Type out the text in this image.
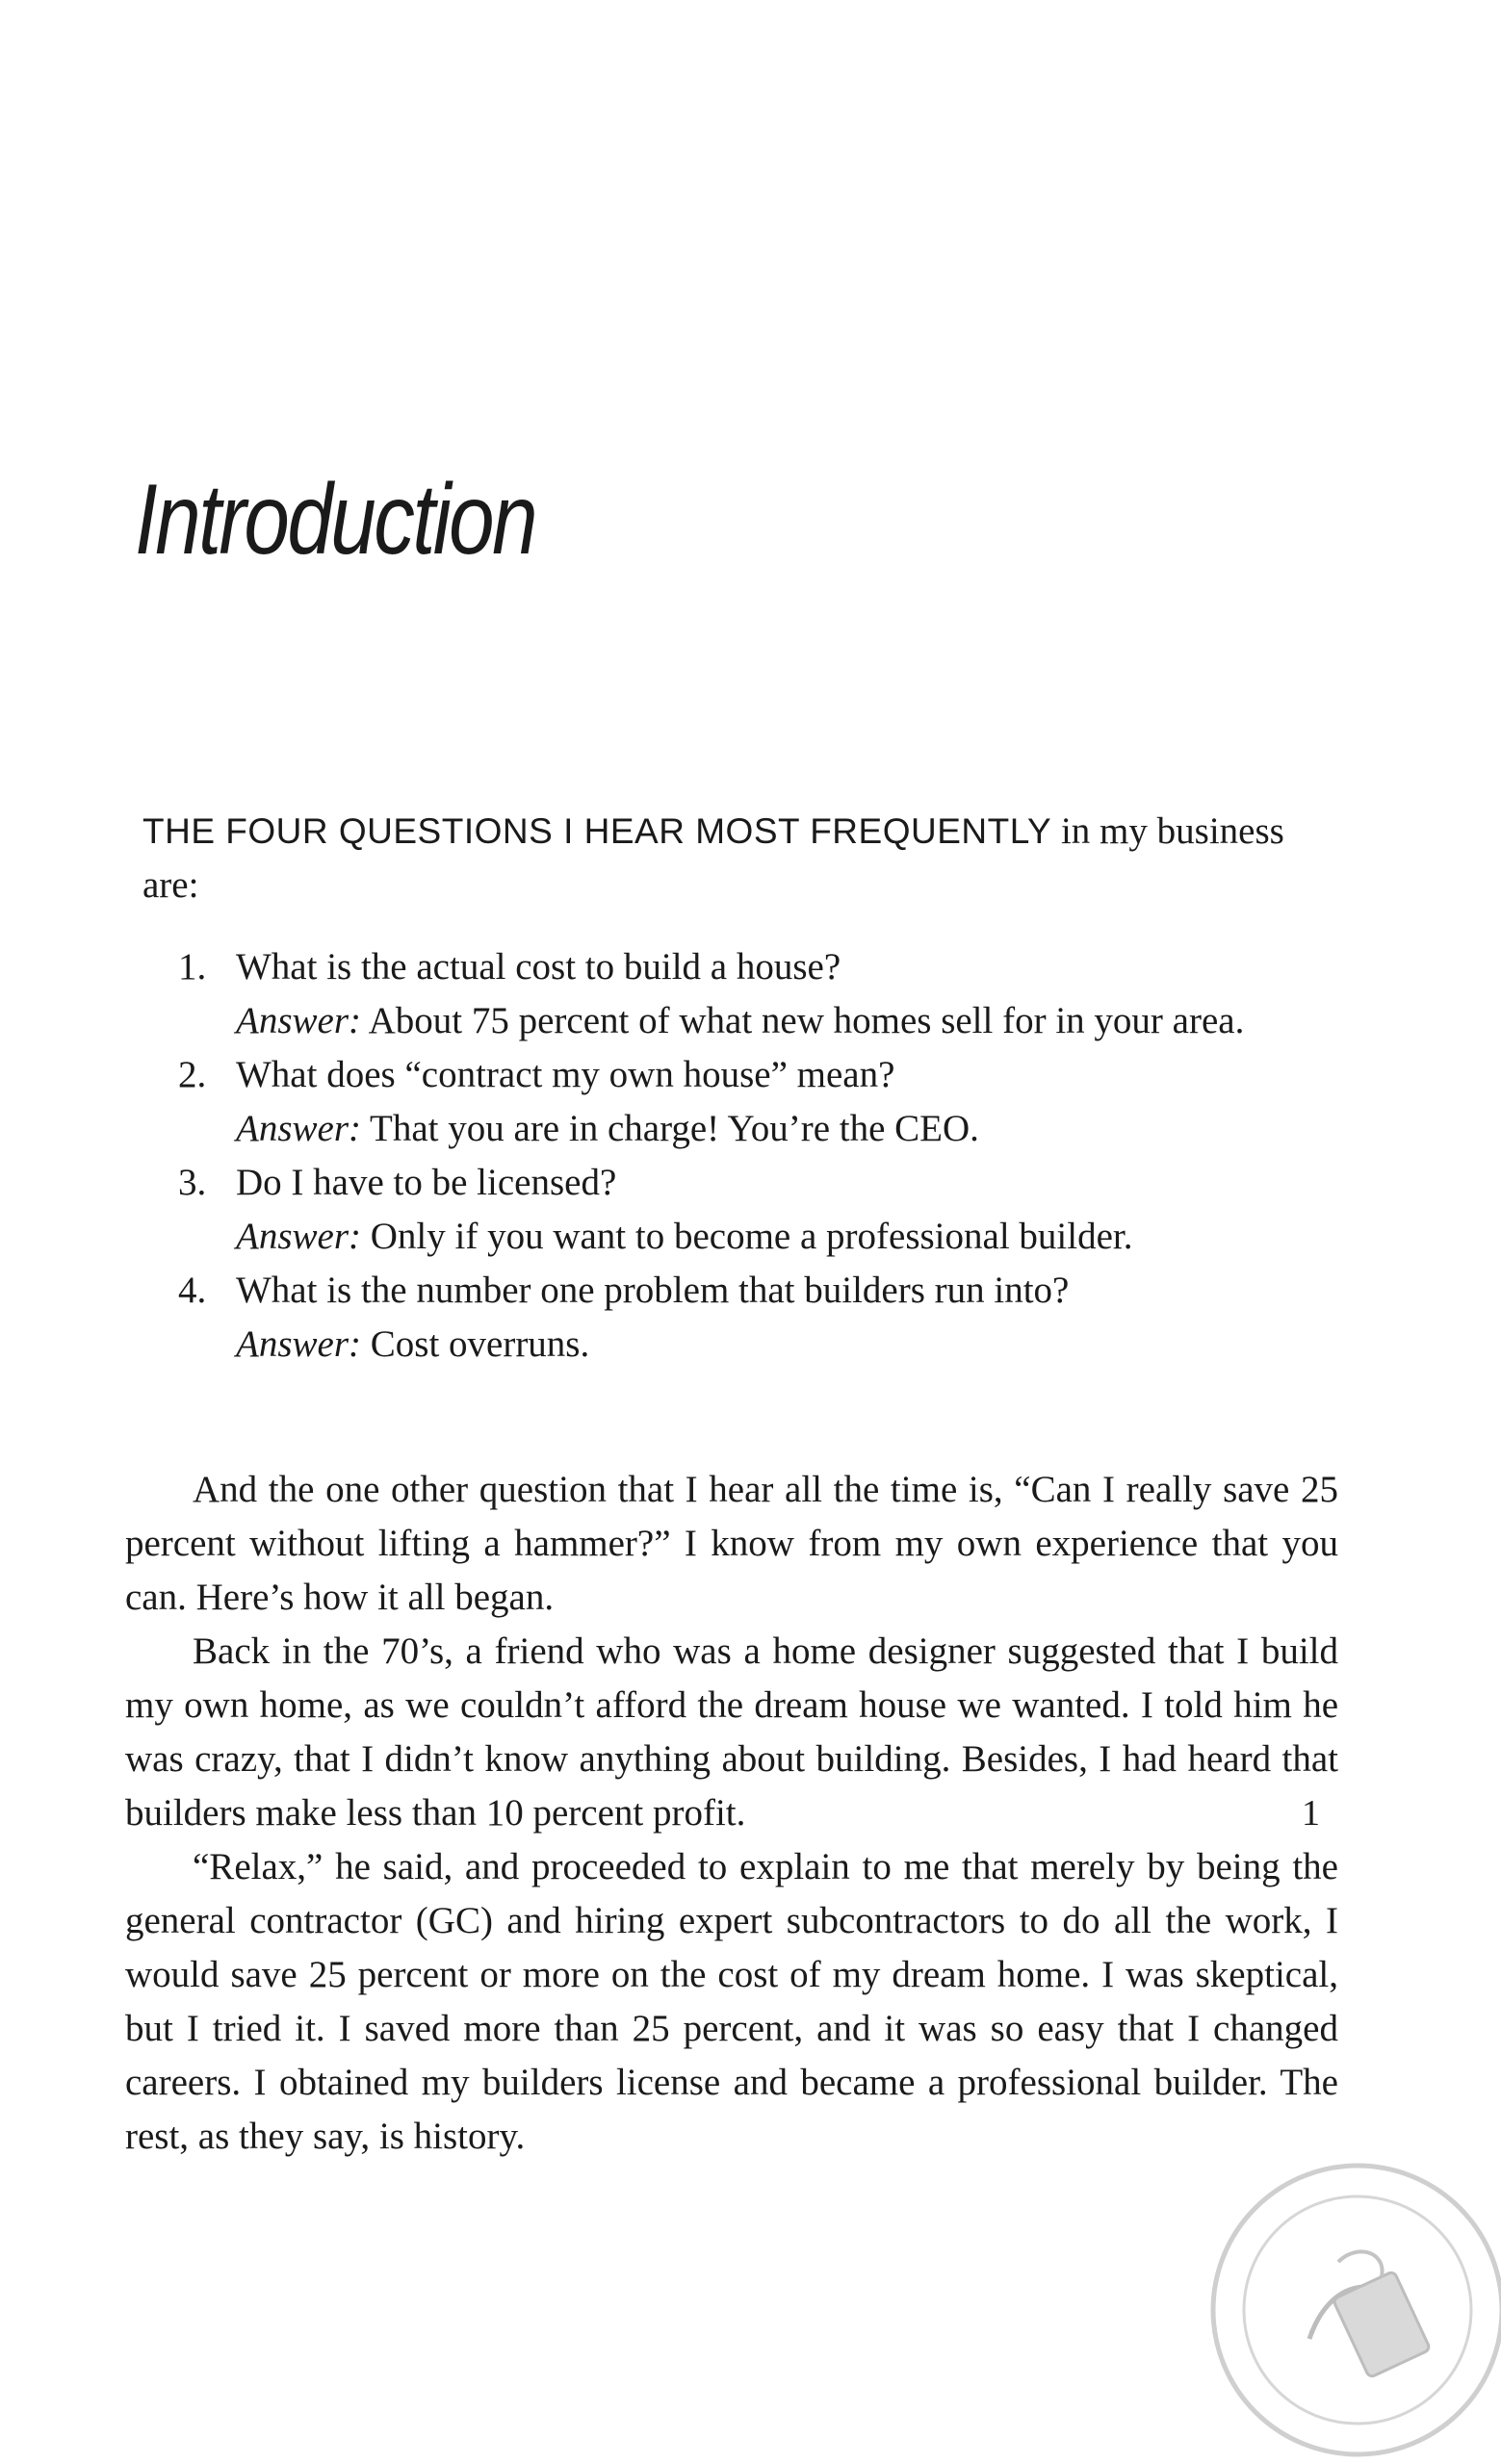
Introduction
THE FOUR QUESTIONS I HEAR MOST FREQUENTLY in my business are:
1. What is the actual cost to build a house?
Answer: About 75 percent of what new homes sell for in your area.
2. What does “contract my own house” mean?
Answer: That you are in charge! You’re the CEO.
3. Do I have to be licensed?
Answer: Only if you want to become a professional builder.
4. What is the number one problem that builders run into?
Answer: Cost overruns.

And the one other question that I hear all the time is, “Can I really save 25 percent without lifting a hammer?” I know from my own experience that you can. Here’s how it all began.

Back in the 70’s, a friend who was a home designer suggested that I build my own home, as we couldn’t afford the dream house we wanted. I told him he was crazy, that I didn’t know anything about building. Besides, I had heard that builders make less than 10 percent profit.

“Relax,” he said, and proceeded to explain to me that merely by being the general contractor (GC) and hiring expert subcontractors to do all the work, I would save 25 percent or more on the cost of my dream home. I was skeptical, but I tried it. I saved more than 25 percent, and it was so easy that I changed careers. I obtained my builders license and became a professional builder. The rest, as they say, is history.

1
